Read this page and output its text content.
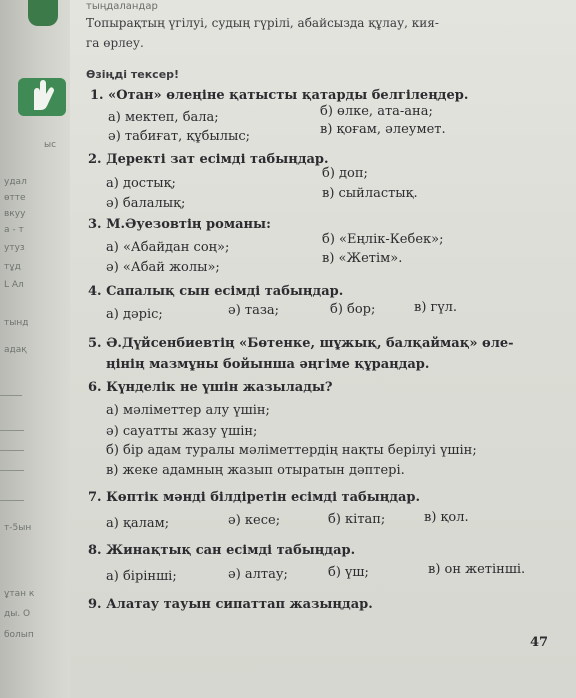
ыс
удал
өтте
вкуу
а - т
утуз
тұд
L Ал
тынд
адақ
т-5ын
ұтан к
ды. О
болып
тыңдаландар
Топырақтың үгілуі, судың гүрілі, абайсызда құлау, кия-
га өрлеу.
Өзіңді тексер!
1. «Отан» өлеңіне қатысты қатарды белгілеңдер.
а) мектеп, бала;	б) өлке, ата-ана;
ә) табиғат, құбылыс;	в) қоғам, әлеумет.
2. Деректі зат есімді табыңдар.
а) достық;
б) доп;
ә) балалық;
в) сыйластық.
3. М.Әуезовтің романы:
а) «Абайдан соң»;
б) «Еңлік-Кебек»;
ә) «Абай жолы»;
в) «Жетім».
4. Сапалық сын есімді табыңдар.
а) дәріс;	ә) таза;	б) бор;	в) гүл.
5. Ә.Дүйсенбиевтің «Бөтенке, шұжық, балқаймақ» өле-
ңінің мазмұны бойынша әңгіме құраңдар.
6. Күнделік не үшін жазылады?
а) мәліметтер алу үшін;
ә) сауатты жазу үшін;
б) бір адам туралы мәліметтердің нақты берілуі үшін;
в) жеке адамның жазып отыратын дәптері.
7. Көптік мәнді білдіретін есімді табыңдар.
а) қалам;	ә) кесе;	б) кітап;	в) қол.
8. Жинақтық сан есімді табыңдар.
а) бірінші;	ә) алтау;	б) үш;	в) он жетінші.
9. Алатау тауын сипаттап жазыңдар.
47
